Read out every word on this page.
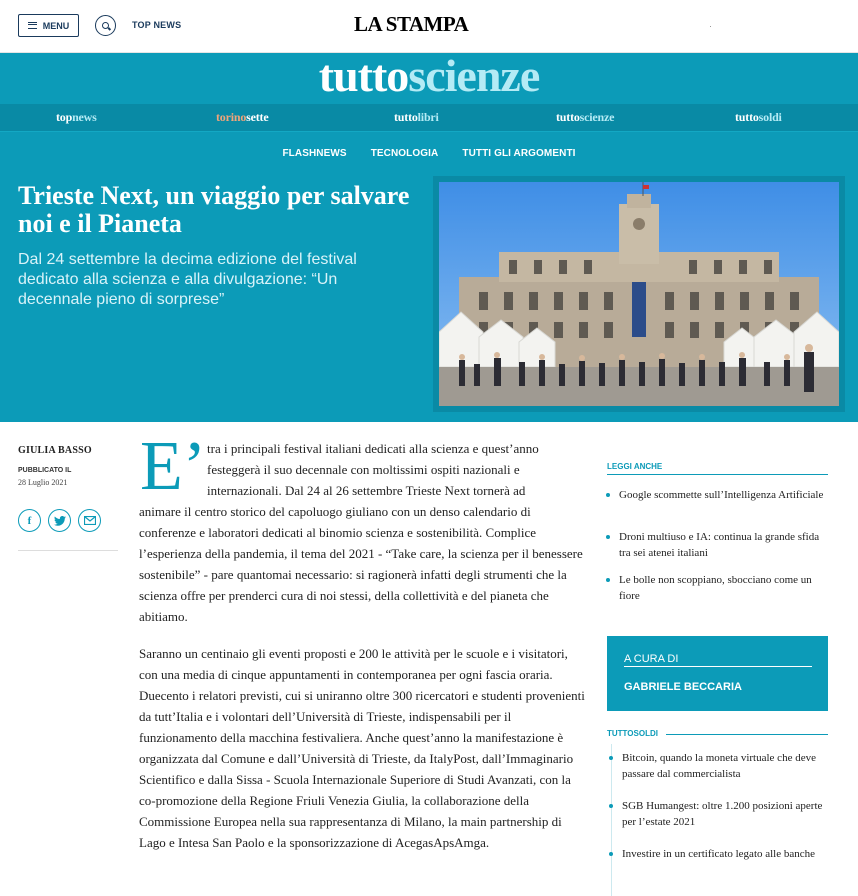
MENU	TOP NEWS	LA STAMPA
tuttoscienze
topnews	torinosette	tuttolibri	tuttoscienze	tuttosoldi
FLASHNEWS TECNOLOGIA TUTTI GLI ARGOMENTI
Trieste Next, un viaggio per salvare noi e il Pianeta

Dal 24 settembre la decima edizione del festival dedicato alla scienza e alla divulgazione: “Un decennale pieno di sorprese”

GIULIA BASSO
PUBBLICATO IL
28 Luglio 2021
f
E’ tra i principali festival italiani dedicati alla scienza e quest’anno festeggerà il suo decennale con moltissimi ospiti nazionali e internazionali. Dal 24 al 26 settembre Trieste Next tornerà ad
animare il centro storico del capoluogo giuliano con un denso calendario di conferenze e laboratori dedicati al binomio scienza e sostenibilità. Complice l’esperienza della pandemia, il tema del 2021 - “Take care, la scienza per il benessere sostenibile” - pare quantomai necessario: si ragionerà infatti degli strumenti che la scienza offre per prenderci cura di noi stessi, della collettività e del pianeta che abitiamo.
Saranno un centinaio gli eventi proposti e 200 le attività per le scuole e i visitatori, con una media di cinque appuntamenti in contemporanea per ogni fascia oraria. Duecento i relatori previsti, cui si uniranno oltre 300 ricercatori e studenti provenienti da tutt’Italia e i volontari dell’Università di Trieste, indispensabili per il funzionamento della macchina festivaliera. Anche quest’anno la manifestazione è organizzata dal Comune e dall’Università di Trieste, da ItalyPost, dall’Immaginario Scientifico e dalla Sissa - Scuola Internazionale Superiore di Studi Avanzati, con la co-promozione della Regione Friuli Venezia Giulia, la collaborazione della Commissione Europea nella sua rappresentanza di Milano, la main partnership di Lago e Intesa San Paolo e la sponsorizzazione di AcegasApsAmga.
LEGGI ANCHE
Google scommette sull’Intelligenza Artificiale
Droni multiuso e IA: continua la grande sfida tra sei atenei italiani
Le bolle non scoppiano, sbocciano come un fiore
A CURA DI
GABRIELE BECCARIA
TUTTOSOLDI
Bitcoin, quando la moneta virtuale che deve passare dal commercialista
SGB Humangest: oltre 1.200 posizioni aperte per l’estate 2021
Investire in un certificato legato alle banche
